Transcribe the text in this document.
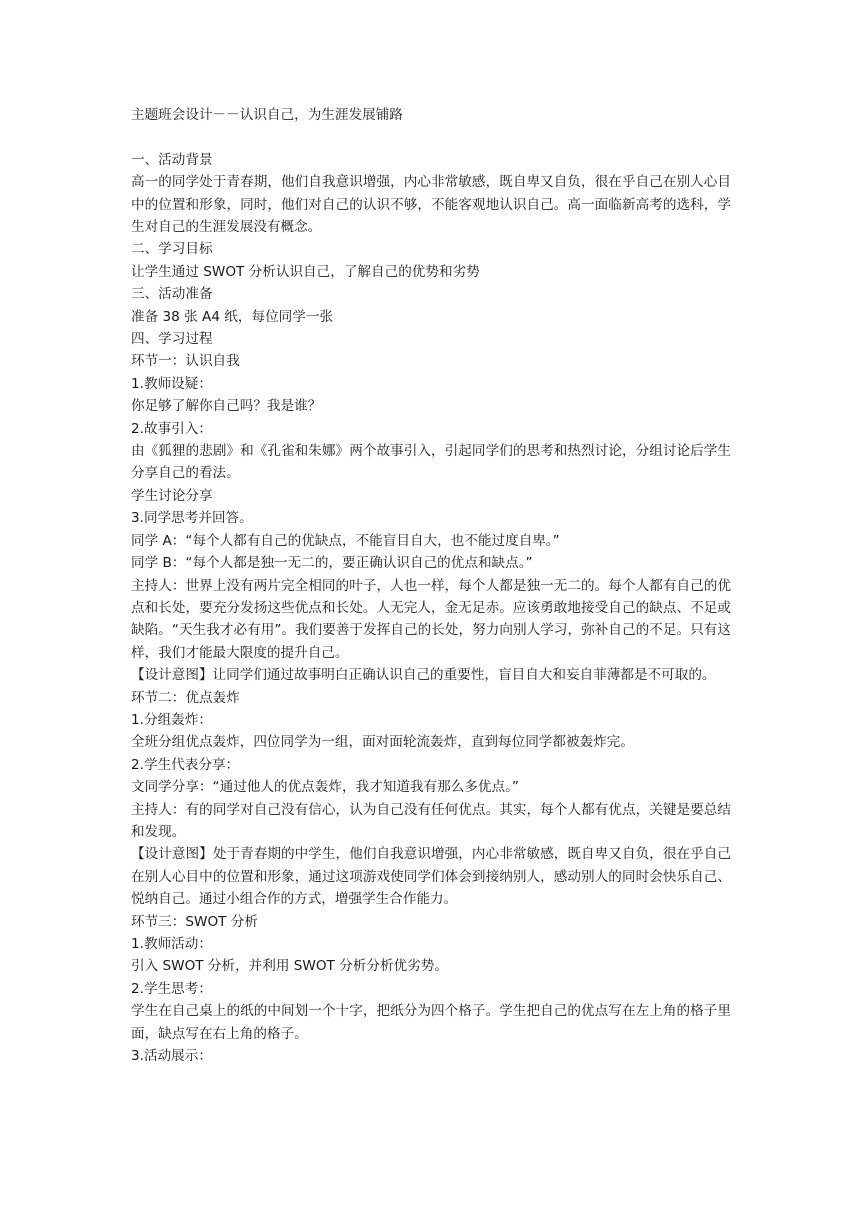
主题班会设计－－认识自己，为生涯发展铺路

一、活动背景

高一的同学处于青春期，他们自我意识增强，内心非常敏感，既自卑又自负，很在乎自己在别人心目中的位置和形象，同时，他们对自己的认识不够，不能客观地认识自己。高一面临新高考的选科，学生对自己的生涯发展没有概念。

二、学习目标

让学生通过 SWOT 分析认识自己，了解自己的优势和劣势

三、活动准备

准备 38 张 A4 纸，每位同学一张

四、学习过程

环节一：认识自我

1.教师设疑：

你足够了解你自己吗？我是谁？

2.故事引入：

由《狐狸的悲剧》和《孔雀和朱娜》两个故事引入，引起同学们的思考和热烈讨论，分组讨论后学生分享自己的看法。

学生讨论分享

3.同学思考并回答。

同学 A：“每个人都有自己的优缺点，不能盲目自大，也不能过度自卑。”

同学 B：“每个人都是独一无二的，要正确认识自己的优点和缺点。”

主持人：世界上没有两片完全相同的叶子，人也一样，每个人都是独一无二的。每个人都有自己的优点和长处，要充分发扬这些优点和长处。人无完人，金无足赤。应该勇敢地接受自己的缺点、不足或缺陷。“天生我才必有用”。我们要善于发挥自己的长处，努力向别人学习，弥补自己的不足。只有这样，我们才能最大限度的提升自己。

【设计意图】让同学们通过故事明白正确认识自己的重要性，盲目自大和妄自菲薄都是不可取的。

环节二：优点轰炸

1.分组轰炸：

全班分组优点轰炸，四位同学为一组，面对面轮流轰炸，直到每位同学都被轰炸完。

2.学生代表分享：

文同学分享：“通过他人的优点轰炸，我才知道我有那么多优点。”

主持人：有的同学对自己没有信心，认为自己没有任何优点。其实，每个人都有优点，关键是要总结和发现。

【设计意图】处于青春期的中学生，他们自我意识增强，内心非常敏感，既自卑又自负，很在乎自己在别人心目中的位置和形象，通过这项游戏使同学们体会到接纳别人，感动别人的同时会快乐自己、悦纳自己。通过小组合作的方式，增强学生合作能力。

环节三：SWOT 分析

1.教师活动：

引入 SWOT 分析，并利用 SWOT 分析分析优劣势。

2.学生思考：

学生在自己桌上的纸的中间划一个十字，把纸分为四个格子。学生把自己的优点写在左上角的格子里面，缺点写在右上角的格子。

3.活动展示：
